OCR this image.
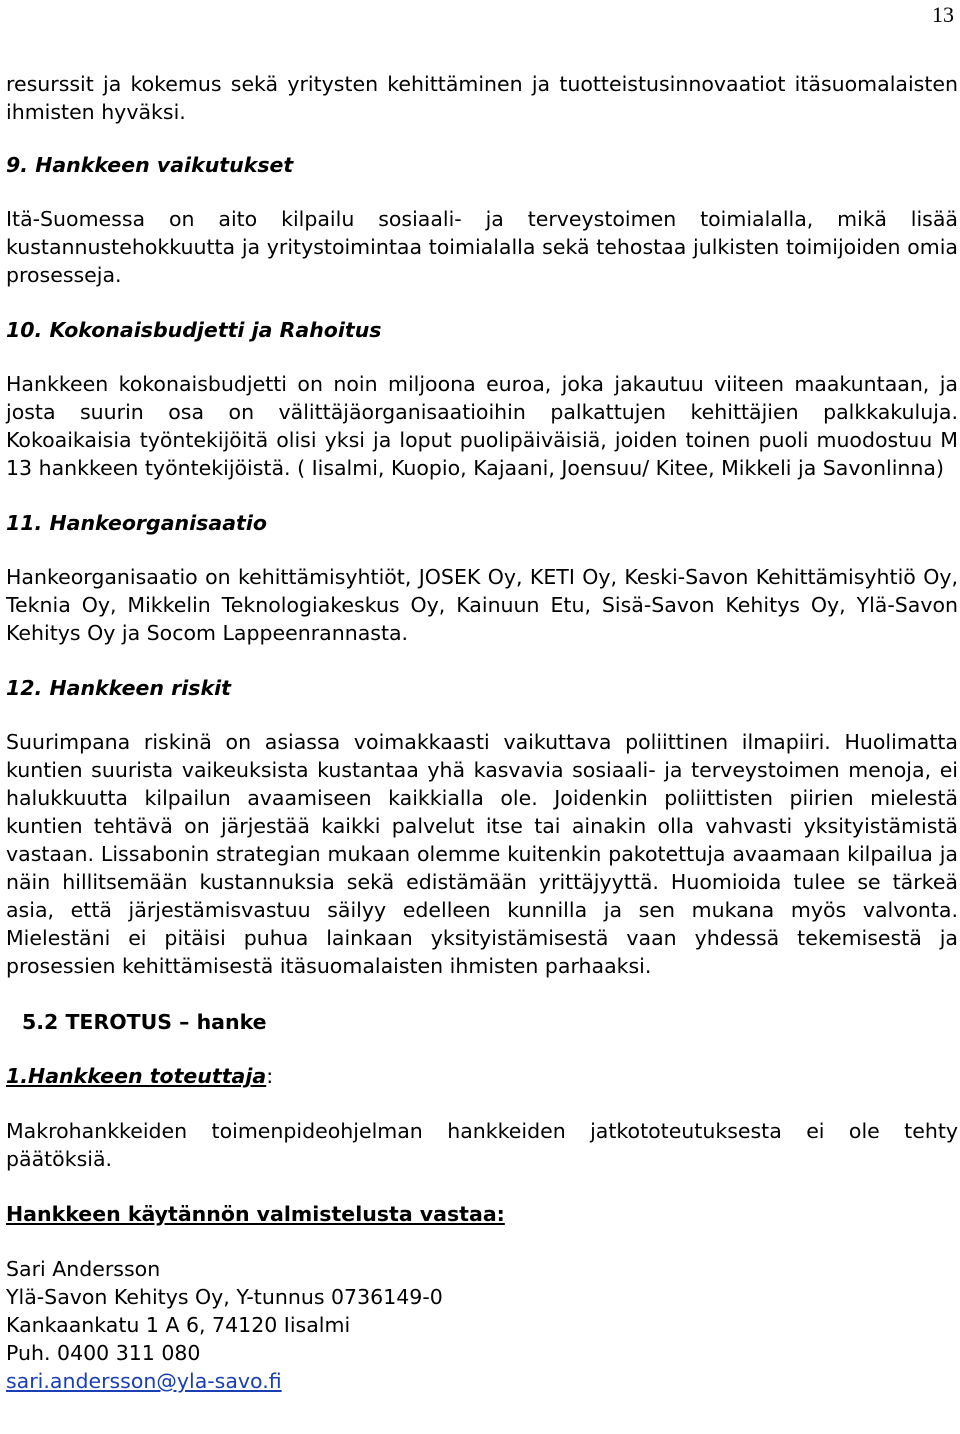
13

resurssit ja kokemus sekä yritysten kehittäminen ja tuotteistusinnovaatiot itäsuomalaisten ihmisten hyväksi.

9. Hankkeen vaikutukset

Itä-Suomessa on aito kilpailu sosiaali- ja terveystoimen toimialalla, mikä lisää kustannustehokkuutta ja yritystoimintaa toimialalla sekä tehostaa julkisten toimijoiden omia prosesseja.

10. Kokonaisbudjetti ja Rahoitus

Hankkeen kokonaisbudjetti on noin miljoona euroa, joka jakautuu viiteen maakuntaan, ja josta suurin osa on välittäjäorganisaatioihin palkattujen kehittäjien palkkakuluja. Kokoaikaisia työntekijöitä olisi yksi ja loput puolipäiväisiä, joiden toinen puoli muodostuu M 13 hankkeen työntekijöistä. ( Iisalmi, Kuopio, Kajaani, Joensuu/ Kitee, Mikkeli ja Savonlinna)

11. Hankeorganisaatio

Hankeorganisaatio on kehittämisyhtiöt, JOSEK Oy, KETI Oy, Keski-Savon Kehittämisyhtiö Oy, Teknia Oy, Mikkelin Teknologiakeskus Oy, Kainuun Etu, Sisä-Savon Kehitys Oy, Ylä-Savon Kehitys Oy ja Socom Lappeenrannasta.

12. Hankkeen riskit

Suurimpana riskinä on asiassa voimakkaasti vaikuttava poliittinen ilmapiiri. Huolimatta kuntien suurista vaikeuksista kustantaa yhä kasvavia sosiaali- ja terveystoimen menoja, ei halukkuutta kilpailun avaamiseen kaikkialla ole. Joidenkin poliittisten piirien mielestä kuntien tehtävä on järjestää kaikki palvelut itse tai ainakin olla vahvasti yksityistämistä vastaan. Lissabonin strategian mukaan olemme kuitenkin pakotettuja avaamaan kilpailua ja näin hillitsemään kustannuksia sekä edistämään yrittäjyyttä. Huomioida tulee se tärkeä asia, että järjestämisvastuu säilyy edelleen kunnilla ja sen mukana myös valvonta. Mielestäni ei pitäisi puhua lainkaan yksityistämisestä vaan yhdessä tekemisestä ja prosessien kehittämisestä itäsuomalaisten ihmisten parhaaksi.

5.2 TEROTUS – hanke
1.Hankkeen toteuttaja:

Makrohankkeiden toimenpideohjelman hankkeiden jatkototeutuksesta ei ole tehty päätöksiä.

Hankkeen käytännön valmistelusta vastaa:
Sari Andersson
Ylä-Savon Kehitys Oy, Y-tunnus 0736149-0
Kankaankatu 1 A 6, 74120 Iisalmi
Puh. 0400 311 080
sari.andersson@yla-savo.fi
